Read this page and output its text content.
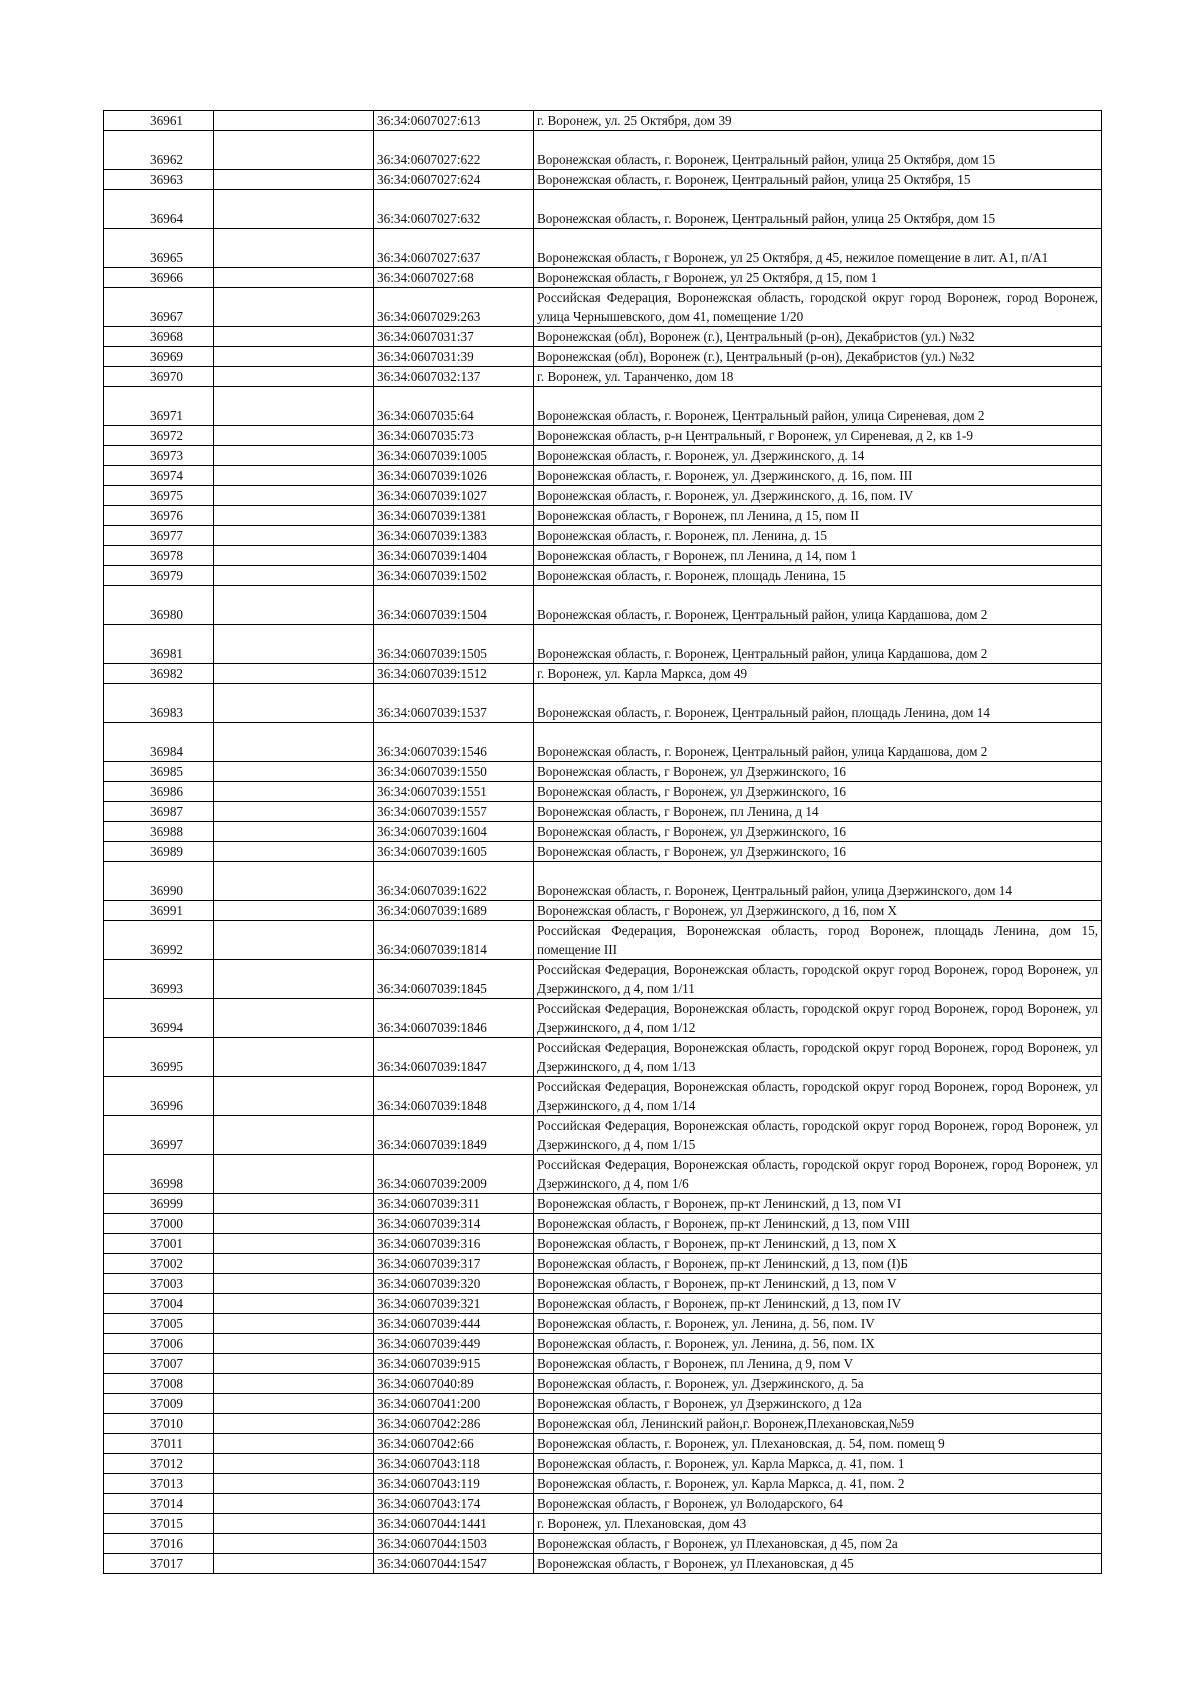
36961		36:34:0607027:613	г. Воронеж, ул. 25 Октября, дом 39
36962		36:34:0607027:622	Воронежская область, г. Воронеж, Центральный район, улица 25 Октября, дом 15
36963		36:34:0607027:624	Воронежская область, г. Воронеж, Центральный район, улица 25 Октября, 15
36964		36:34:0607027:632	Воронежская область, г. Воронеж, Центральный район, улица 25 Октября, дом 15
36965		36:34:0607027:637	Воронежская область, г Воронеж, ул 25 Октября, д 45, нежилое помещение в лит. А1, п/А1
36966		36:34:0607027:68	Воронежская область, г Воронеж, ул 25 Октября, д 15, пом 1
36967		36:34:0607029:263	Российская Федерация, Воронежская область, городской округ город Воронеж, город Воронеж, улица Чернышевского, дом 41, помещение 1/20
36968		36:34:0607031:37	Воронежская (обл), Воронеж (г.), Центральный (р-он), Декабристов (ул.) №32
36969		36:34:0607031:39	Воронежская (обл), Воронеж (г.), Центральный (р-он), Декабристов (ул.) №32
36970		36:34:0607032:137	г. Воронеж, ул. Таранченко, дом 18
36971		36:34:0607035:64	Воронежская область, г. Воронеж, Центральный район, улица Сиреневая, дом 2
36972		36:34:0607035:73	Воронежская область, р-н Центральный, г Воронеж, ул Сиреневая, д 2, кв 1-9
36973		36:34:0607039:1005	Воронежская область, г. Воронеж, ул. Дзержинского, д. 14
36974		36:34:0607039:1026	Воронежская область, г. Воронеж, ул. Дзержинского, д. 16, пом. III
36975		36:34:0607039:1027	Воронежская область, г. Воронеж, ул. Дзержинского, д. 16, пом. IV
36976		36:34:0607039:1381	Воронежская область, г Воронеж, пл Ленина, д 15, пом II
36977		36:34:0607039:1383	Воронежская область, г. Воронеж, пл. Ленина, д. 15
36978		36:34:0607039:1404	Воронежская область, г Воронеж, пл Ленина, д 14, пом 1
36979		36:34:0607039:1502	Воронежская область, г. Воронеж, площадь Ленина, 15
36980		36:34:0607039:1504	Воронежская область, г. Воронеж, Центральный район, улица Кардашова, дом 2
36981		36:34:0607039:1505	Воронежская область, г. Воронеж, Центральный район, улица Кардашова, дом 2
36982		36:34:0607039:1512	г. Воронеж, ул. Карла Маркса, дом 49
36983		36:34:0607039:1537	Воронежская область, г. Воронеж, Центральный район, площадь Ленина, дом 14
36984		36:34:0607039:1546	Воронежская область, г. Воронеж, Центральный район, улица Кардашова, дом 2
36985		36:34:0607039:1550	Воронежская область, г Воронеж, ул Дзержинского, 16
36986		36:34:0607039:1551	Воронежская область, г Воронеж, ул Дзержинского, 16
36987		36:34:0607039:1557	Воронежская область, г Воронеж, пл Ленина, д 14
36988		36:34:0607039:1604	Воронежская область, г Воронеж, ул Дзержинского, 16
36989		36:34:0607039:1605	Воронежская область, г Воронеж, ул Дзержинского, 16
36990		36:34:0607039:1622	Воронежская область, г. Воронеж, Центральный район, улица Дзержинского, дом 14
36991		36:34:0607039:1689	Воронежская область, г Воронеж, ул Дзержинского, д 16, пом X
36992		36:34:0607039:1814	Российская Федерация, Воронежская область, город Воронеж, площадь Ленина, дом 15, помещение III
36993		36:34:0607039:1845	Российская Федерация, Воронежская область, городской округ город Воронеж, город Воронеж, ул Дзержинского, д 4, пом 1/11
36994		36:34:0607039:1846	Российская Федерация, Воронежская область, городской округ город Воронеж, город Воронеж, ул Дзержинского, д 4, пом 1/12
36995		36:34:0607039:1847	Российская Федерация, Воронежская область, городской округ город Воронеж, город Воронеж, ул Дзержинского, д 4, пом 1/13
36996		36:34:0607039:1848	Российская Федерация, Воронежская область, городской округ город Воронеж, город Воронеж, ул Дзержинского, д 4, пом 1/14
36997		36:34:0607039:1849	Российская Федерация, Воронежская область, городской округ город Воронеж, город Воронеж, ул Дзержинского, д 4, пом 1/15
36998		36:34:0607039:2009	Российская Федерация, Воронежская область, городской округ город Воронеж, город Воронеж, ул Дзержинского, д 4, пом 1/6
36999		36:34:0607039:311	Воронежская область, г Воронеж, пр-кт Ленинский, д 13, пом VI
37000		36:34:0607039:314	Воронежская область, г Воронеж, пр-кт Ленинский, д 13, пом VIII
37001		36:34:0607039:316	Воронежская область, г Воронеж, пр-кт Ленинский, д 13, пом X
37002		36:34:0607039:317	Воронежская область, г Воронеж, пр-кт Ленинский, д 13, пом (I)Б
37003		36:34:0607039:320	Воронежская область, г Воронеж, пр-кт Ленинский, д 13, пом V
37004		36:34:0607039:321	Воронежская область, г Воронеж, пр-кт Ленинский, д 13, пом IV
37005		36:34:0607039:444	Воронежская область, г. Воронеж, ул. Ленина, д. 56, пом. IV
37006		36:34:0607039:449	Воронежская область, г. Воронеж, ул. Ленина, д. 56, пом. IX
37007		36:34:0607039:915	Воронежская область, г Воронеж, пл Ленина, д 9, пом V
37008		36:34:0607040:89	Воронежская область, г. Воронеж, ул. Дзержинского, д. 5а
37009		36:34:0607041:200	Воронежская область, г Воронеж, ул Дзержинского, д 12а
37010		36:34:0607042:286	Воронежская обл, Ленинский район,г. Воронеж,Плехановская,№59
37011		36:34:0607042:66	Воронежская область, г. Воронеж, ул. Плехановская, д. 54, пом. помещ 9
37012		36:34:0607043:118	Воронежская область, г. Воронеж, ул. Карла Маркса, д. 41, пом. 1
37013		36:34:0607043:119	Воронежская область, г. Воронеж, ул. Карла Маркса, д. 41, пом. 2
37014		36:34:0607043:174	Воронежская область, г Воронеж, ул Володарского, 64
37015		36:34:0607044:1441	г. Воронеж, ул. Плехановская, дом 43
37016		36:34:0607044:1503	Воронежская область, г Воронеж, ул Плехановская, д 45, пом 2а
37017		36:34:0607044:1547	Воронежская область, г Воронеж, ул Плехановская, д 45
